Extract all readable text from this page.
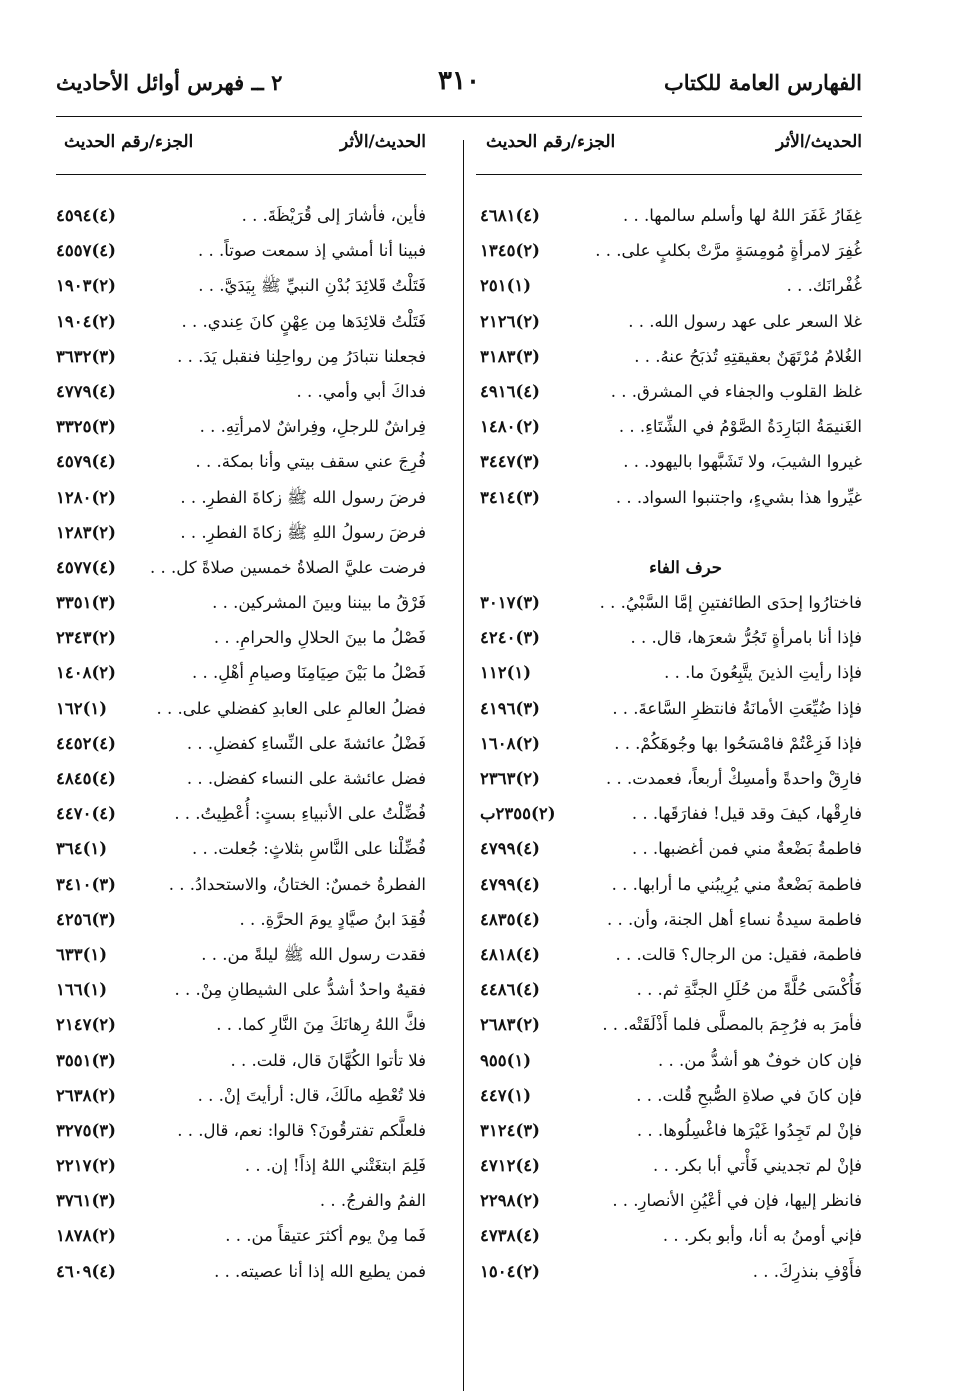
الفهارس العامة للكتاب
٣١٠
٢ ــ فهرس أوائل الأحاديث
الحديث/الأثر
الجزء/رقم الحديث
الحديث/الأثر
الجزء/رقم الحديث
غِفَارُ غَفَرَ اللهُ لها وأسلم سالمها. . .
(٤)٤٦٨١
غُفِرَ لامرأةٍ مُومِسَةٍ مرَّتْ بكلبٍ على. . .
(٢)١٣٤٥
غُفْرانَك. . .
(١)٢٥١
غلا السعر على عهد رسول الله. . .
(٢)٢١٢٦
الغُلامُ مُرْتَهَنٌ بعقيقتِهِ تُذبَحُ عنهُ. . .
(٣)٣١٨٣
غلظ القلوب والجفاء في المشرق. . .
(٤)٤٩١٦
الغَنيمَةُ البَارِدَةُ الصَّوْمُ في الشِّتَاءِ. . .
(٢)١٤٨٠
غيروا الشيبَ، ولا تَشَبَّهوا باليهود. . .
(٣)٣٤٤٧
غيِّروا هذا بشيءٍ، واجتنبوا السواد. . .
(٣)٣٤١٤
حرف الفاء
فاختارُوا إحدَى الطائفتينِ إمَّا السَّبْيُ. . .
(٣)٣٠١٧
فإذا أنا بامرأةٍ تَجُرُّ شعرَها، قال. . .
(٣)٤٢٤٠
فإذا رأيتِ الذينَ يتَّبِعُونَ ما. . .
(١)١١٢
فإذا ضُيِّعَتِ الأمانَةُ فانتظرِ السَّاعةَ. . .
(٣)٤١٩٦
فإذا فَزِعْتُمْ فامْسَحُوا بها وجُوهَكُمْ. . .
(٢)١٦٠٨
فارِقْ واحدةً وأمسِكْ أربعاً، فعمدت. . .
(٢)٢٣٦٣
فارِقْها، كيفَ وقد قيل! ففارَقَها. . .
(٢)٢٣٥٥ب
فاطمةُ بَضْعةٌ مني فمن أغضبها. . .
(٤)٤٧٩٩
فاطمة بَضْعةٌ مني يُرِيبُني ما أرابها. . .
(٤)٤٧٩٩
فاطمة سيدةُ نساءِ أهل الجنة، وأن. . .
(٤)٤٨٣٥
فاطمة، فقيل: من الرجال؟ قالت. . .
(٤)٤٨١٨
فَأُكْسَى حُلَّةً من حُلَلِ الجنَّةِ ثم. . .
(٤)٤٤٨٦
فأمرَ به فرُجِمَ بالمصلَّى فلما أَذْلَقَتْه. . .
(٢)٢٦٨٣
فإن كان خوفٌ هو أشدُّ من. . .
(١)٩٥٥
فإن كانَ في صلاةِ الصُّبحِ قُلت. . .
(١)٤٤٧
فإنْ لم تَجِدُوا غَيْرَها فاغْسِلُوها. . .
(٣)٣١٢٤
فإنْ لم تجديني فَأْتي أبا بكر. . .
(٤)٤٧١٢
فانظر إليها، فإن في أعْيُنِ الأنصارِ. . .
(٢)٢٢٩٨
فإني أومنُ به أنا، وأبو بكر. . .
(٤)٤٧٣٨
فأَوْفِ بنذرِكَ. . .
(٢)١٥٠٤
فأين، فأشارَ إلى قُرَيْظَةَ. . .
(٤)٤٥٩٤
فبينا أنا أمشي إذ سمعت صوتاً. . .
(٤)٤٥٥٧
فَتَلْتُ قَلائِدَ بُدْنِ النبيِّ ﷺ بِيَدَيَّ. . .
(٢)١٩٠٣
فَتَلْتُ قلائِدَها مِن عِهْنٍ كانَ عِندي. . .
(٢)١٩٠٤
فجعلنا نتبادَرُ مِن رواحِلِنا فنقبل يَدَ. . .
(٣)٣٦٣٢
فداكَ أبي وأمي. . .
(٤)٤٧٧٩
فِراشٌ للرجلِ، وفِراشٌ لامرأتِهِ. . .
(٣)٣٣٢٥
فُرِجَ عني سقف بيتي وأنا بمكة. . .
(٤)٤٥٧٩
فرضَ رسول الله ﷺ زكاةَ الفطرِ. . .
(٢)١٢٨٠
فرضَ رسولُ اللهِ ﷺ زكاةَ الفطرِ. . .
(٢)١٢٨٣
فرضت عليَّ الصلاةُ خمسين صلاةً كل. . .
(٤)٤٥٧٧
فَرْقُ ما بيننا وبينَ المشركين. . .
(٣)٣٣٥١
فَصْلُ ما بينَ الحلالِ والحرامِ. . .
(٢)٢٣٤٣
فَصْلُ ما بَيْنَ صِيَامِنَا وصيامِ أهْلِ. . .
(٢)١٤٠٨
فضلُ العالمِ على العابدِ كفضلي على. . .
(١)١٦٢
فَضْلُ عائشةَ على النِّساءِ كفضلِ. . .
(٤)٤٤٥٢
فضل عائشة على النساء كفضل. . .
(٤)٤٨٤٥
فُضِّلْتُ على الأنبياءِ بستٍ: أُعْطِيتُ. . .
(٤)٤٤٧٠
فُضِّلْنا على النَّاسِ بثلاثٍ: جُعلت. . .
(١)٣٦٤
الفطرةُ خمسٌ: الختانُ، والاستحدادُ. . .
(٣)٣٤١٠
فُقِدَ ابنُ صيَّادٍ يومَ الحرَّةِ. . .
(٣)٤٢٥٦
فقدت رسول الله ﷺ ليلةً من. . .
(١)٦٣٣
فقيهٌ واحدٌ أشدُّ على الشيطانِ مِنْ. . .
(١)١٦٦
فكَّ اللهُ رِهانَكَ مِنَ النَّارِ كما. . .
(٢)٢١٤٧
فلا تأتوا الكُهَّانَ قال، قلت. . .
(٣)٣٥٥١
فلا تُعْطِه مالَكَ، قال: أرأيتَ إنْ. . .
(٢)٢٦٣٨
فلعلَّكم تفترقُونَ؟ قالوا: نعم، قال. . .
(٣)٣٢٧٥
فَلِمَ ابتغَتْني اللهُ إذاً! إن. . .
(٢)٢٢١٧
الفمُ والفرجُ. . .
(٣)٣٧٦١
فَما مِنْ يوم أكثرَ عتيقاً من. . .
(٢)١٨٧٨
فمن يطيع الله إذا أنا عصيته. . .
(٤)٤٦٠٩
